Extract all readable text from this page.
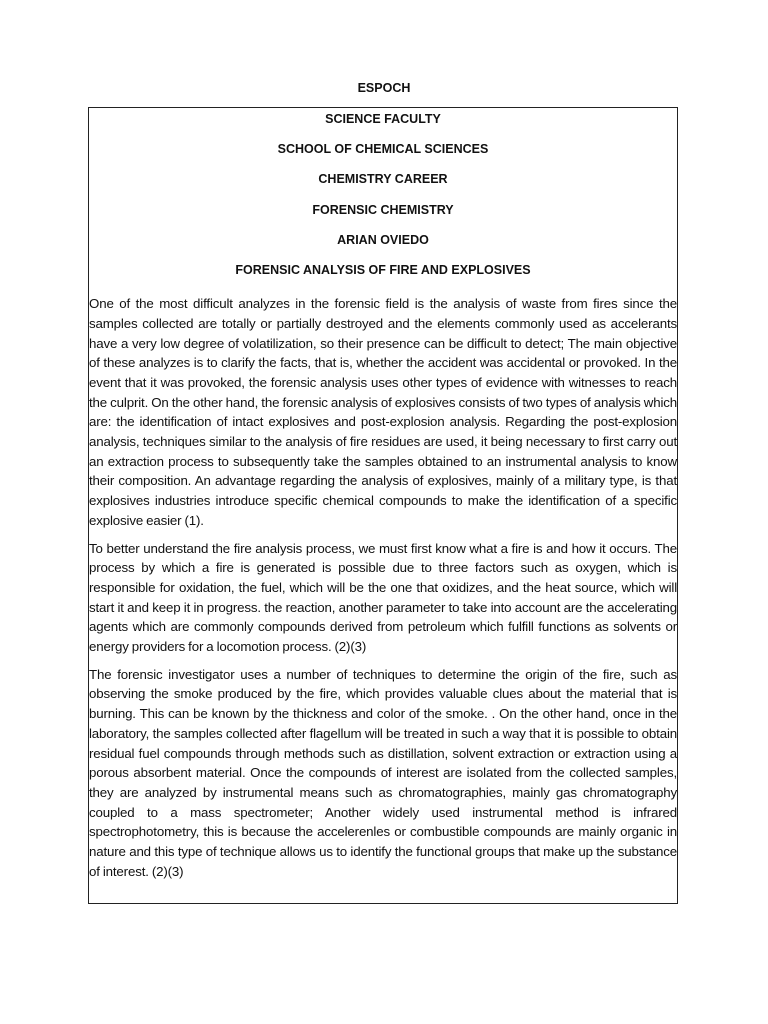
ESPOCH
SCIENCE FACULTY
SCHOOL OF CHEMICAL SCIENCES
CHEMISTRY CAREER
FORENSIC CHEMISTRY
ARIAN OVIEDO
FORENSIC ANALYSIS OF FIRE AND EXPLOSIVES

One of the most difficult analyzes in the forensic field is the analysis of waste from fires since the samples collected are totally or partially destroyed and the elements commonly used as accelerants have a very low degree of volatilization, so their presence can be difficult to detect; The main objective of these analyzes is to clarify the facts, that is, whether the accident was accidental or provoked. In the event that it was provoked, the forensic analysis uses other types of evidence with witnesses to reach the culprit. On the other hand, the forensic analysis of explosives consists of two types of analysis which are: the identification of intact explosives and post-explosion analysis. Regarding the post-explosion analysis, techniques similar to the analysis of fire residues are used, it being necessary to first carry out an extraction process to subsequently take the samples obtained to an instrumental analysis to know their composition. An advantage regarding the analysis of explosives, mainly of a military type, is that explosives industries introduce specific chemical compounds to make the identification of a specific explosive easier (1).

To better understand the fire analysis process, we must first know what a fire is and how it occurs. The process by which a fire is generated is possible due to three factors such as oxygen, which is responsible for oxidation, the fuel, which will be the one that oxidizes, and the heat source, which will start it and keep it in progress. the reaction, another parameter to take into account are the accelerating agents which are commonly compounds derived from petroleum which fulfill functions as solvents or energy providers for a locomotion process. (2)(3)

The forensic investigator uses a number of techniques to determine the origin of the fire, such as observing the smoke produced by the fire, which provides valuable clues about the material that is burning. This can be known by the thickness and color of the smoke. . On the other hand, once in the laboratory, the samples collected after flagellum will be treated in such a way that it is possible to obtain residual fuel compounds through methods such as distillation, solvent extraction or extraction using a porous absorbent material. Once the compounds of interest are isolated from the collected samples, they are analyzed by instrumental means such as chromatographies, mainly gas chromatography coupled to a mass spectrometer; Another widely used instrumental method is infrared spectrophotometry, this is because the accelerenles or combustible compounds are mainly organic in nature and this type of technique allows us to identify the functional groups that make up the substance of interest. (2)(3)
